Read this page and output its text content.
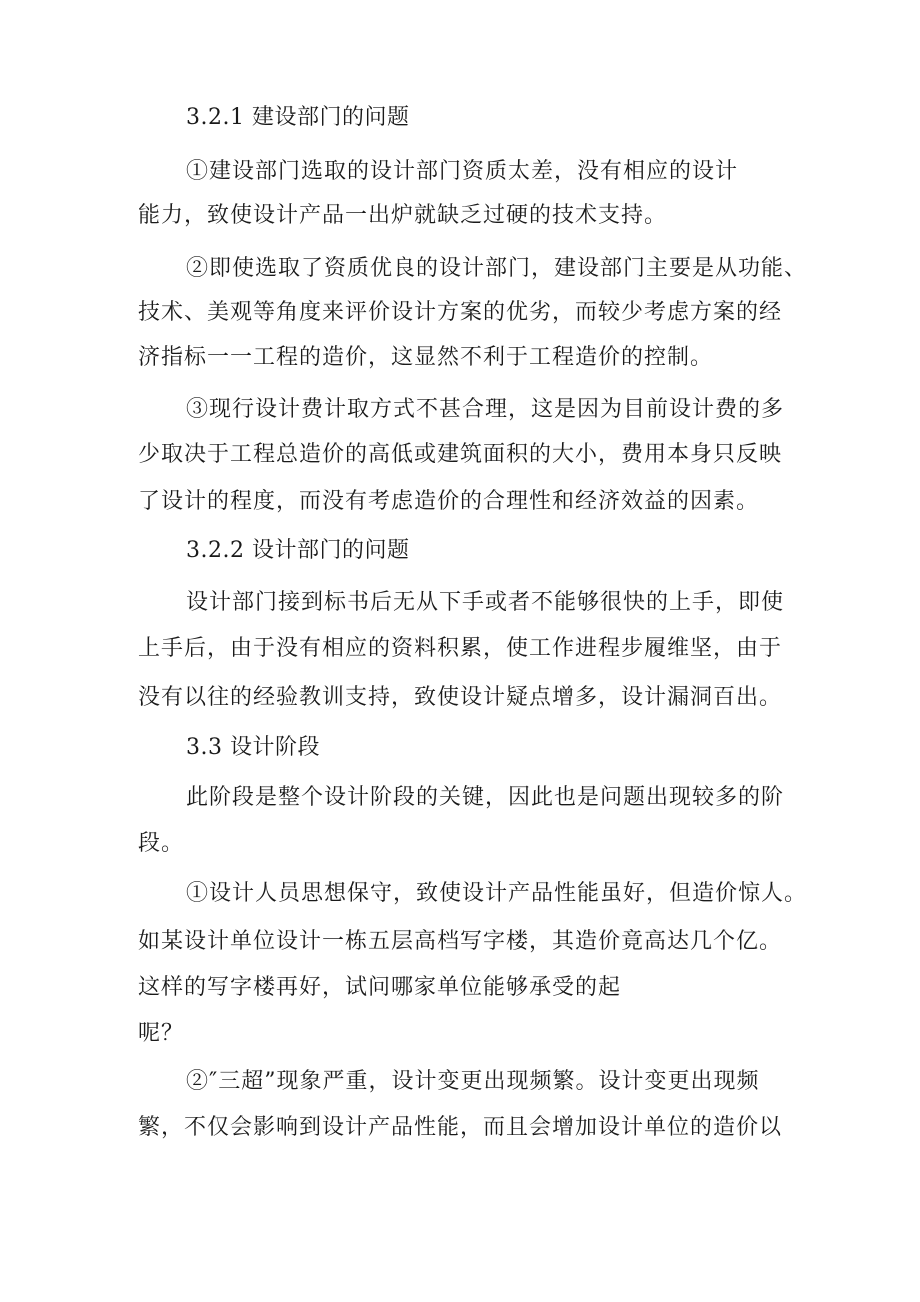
3.2.1 建设部门的问题
①建设部门选取的设计部门资质太差，没有相应的设计
能力，致使设计产品一出炉就缺乏过硬的技术支持。
②即使选取了资质优良的设计部门，建设部门主要是从功能、
技术、美观等角度来评价设计方案的优劣，而较少考虑方案的经
济指标一一工程的造价，这显然不利于工程造价的控制。
③现行设计费计取方式不甚合理，这是因为目前设计费的多
少取决于工程总造价的高低或建筑面积的大小，费用本身只反映
了设计的程度，而没有考虑造价的合理性和经济效益的因素。
3.2.2 设计部门的问题
设计部门接到标书后无从下手或者不能够很快的上手，即使
上手后，由于没有相应的资料积累，使工作进程步履维坚，由于
没有以往的经验教训支持，致使设计疑点增多，设计漏洞百出。
3.3 设计阶段
此阶段是整个设计阶段的关键，因此也是问题出现较多的阶
段。
①设计人员思想保守，致使设计产品性能虽好，但造价惊人。
如某设计单位设计一栋五层高档写字楼，其造价竟高达几个亿。
这样的写字楼再好，试问哪家单位能够承受的起
呢？
②″三超”现象严重，设计变更出现频繁。设计变更出现频
繁，不仅会影响到设计产品性能，而且会增加设计单位的造价以
